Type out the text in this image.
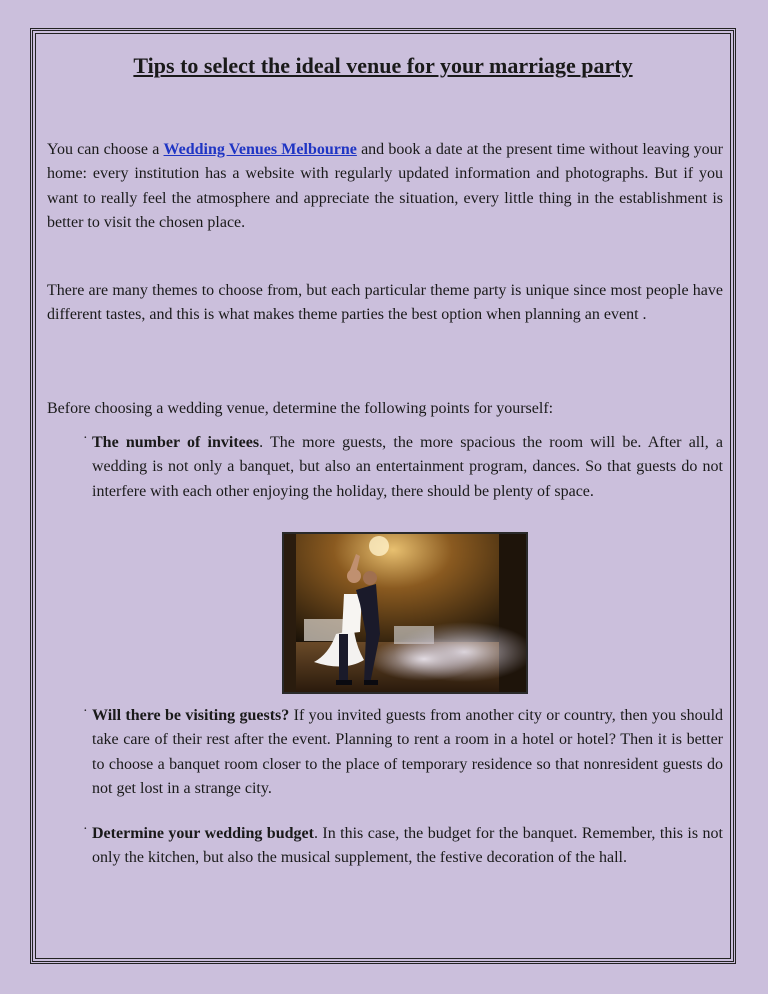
Tips to select the ideal venue for your marriage party

You can choose a Wedding Venues Melbourne and book a date at the present time without leaving your home: every institution has a website with regularly updated information and photographs. But if you want to really feel the atmosphere and appreciate the situation, every little thing in the establishment is better to visit the chosen place.

There are many themes to choose from, but each particular theme party is unique since most people have different tastes, and this is what makes theme parties the best option when planning an event .

Before choosing a wedding venue, determine the following points for yourself:

· The number of invitees. The more guests, the more spacious the room will be. After all, a wedding is not only a banquet, but also an entertainment program, dances. So that guests do not interfere with each other enjoying the holiday, there should be plenty of space.

· Will there be visiting guests? If you invited guests from another city or country, then you should take care of their rest after the event. Planning to rent a room in a hotel or hotel? Then it is better to choose a banquet room closer to the place of temporary residence so that nonresident guests do not get lost in a strange city.

· Determine your wedding budget. In this case, the budget for the banquet. Remember, this is not only the kitchen, but also the musical supplement, the festive decoration of the hall.
